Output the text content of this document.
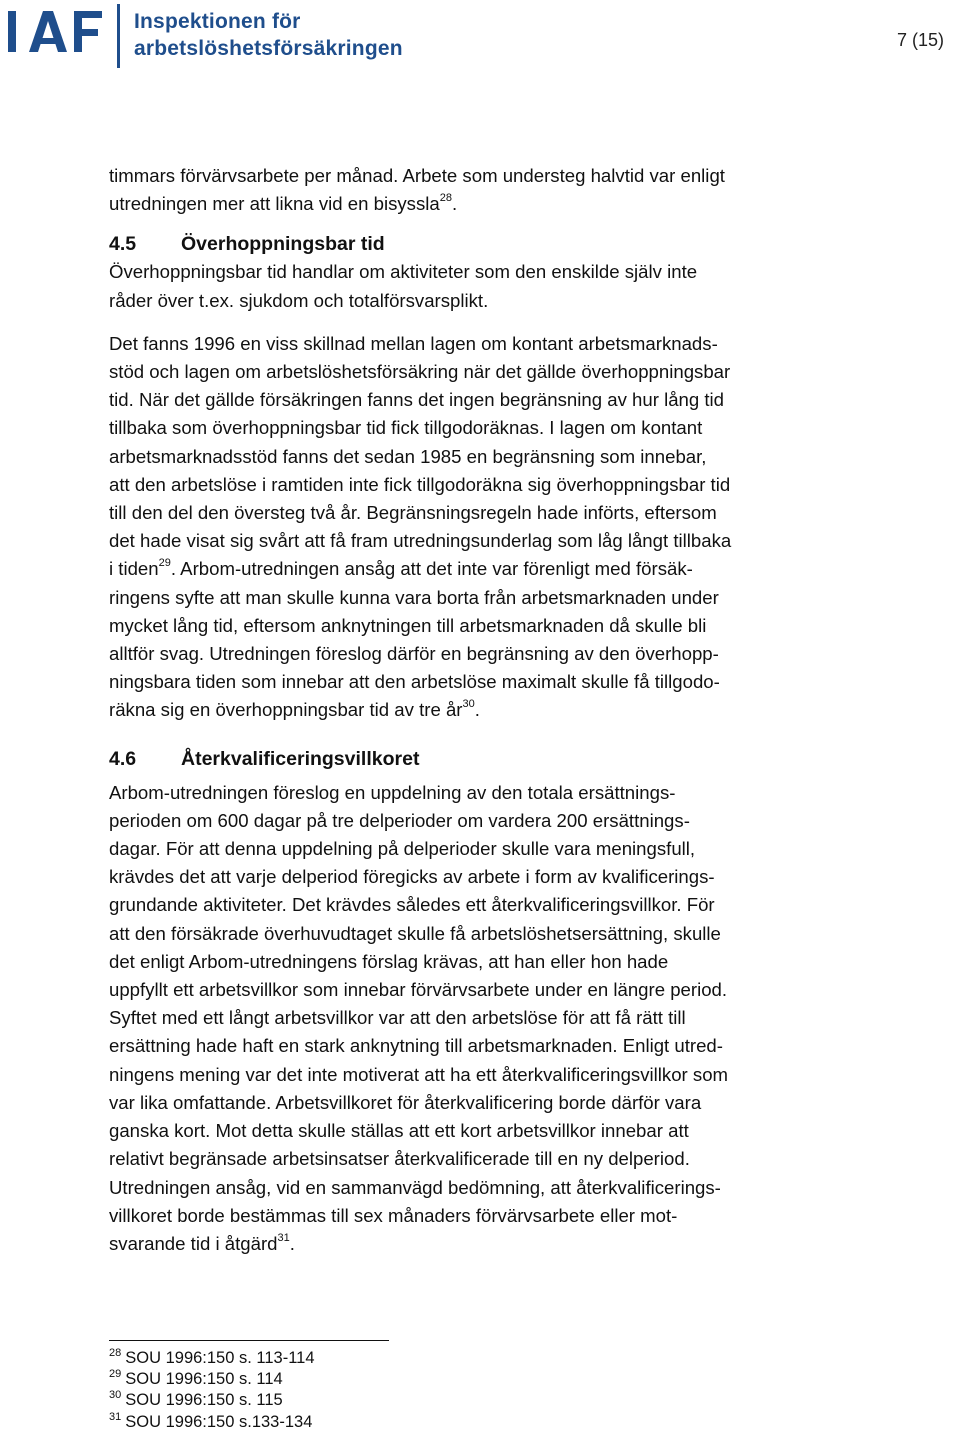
Inspektionen för
arbetslöshetsförsäkringen	7 (15)

timmars förvärvsarbete per månad. Arbete som understeg halvtid var enligt
utredningen mer att likna vid en bisyssla$^{28}$.

4.5	Överhoppningsbar tid

Överhoppningsbar tid handlar om aktiviteter som den enskilde själv inte
råder över t.ex. sjukdom och totalförsvarsplikt.

Det fanns 1996 en viss skillnad mellan lagen om kontant arbetsmarknads-
stöd och lagen om arbetslöshetsförsäkring när det gällde överhoppningsbar
tid. När det gällde försäkringen fanns det ingen begränsning av hur lång tid
tillbaka som överhoppningsbar tid fick tillgodoräknas. I lagen om kontant
arbetsmarknadsstöd fanns det sedan 1985 en begränsning som innebar,
att den arbetslöse i ramtiden inte fick tillgodoräkna sig överhoppningsbar tid
till den del den översteg två år. Begränsningsregeln hade införts, eftersom
det hade visat sig svårt att få fram utredningsunderlag som låg långt tillbaka
i tiden$^{29}$. Arbom-utredningen ansåg att det inte var förenligt med försäk-
ringens syfte att man skulle kunna vara borta från arbetsmarknaden under
mycket lång tid, eftersom anknytningen till arbetsmarknaden då skulle bli
alltför svag. Utredningen föreslog därför en begränsning av den överhopp-
ningsbara tiden som innebar att den arbetslöse maximalt skulle få tillgodo-
räkna sig en överhoppningsbar tid av tre $år^{30}$.

4.6	Återkvalificeringsvillkoret

Arbom-utredningen föreslog en uppdelning av den totala ersättnings-
perioden om 600 dagar på tre delperioder om vardera 200 ersättnings-
dagar. För att denna uppdelning på delperioder skulle vara meningsfull,
krävdes det att varje delperiod föregicks av arbete i form av kvalificerings-
grundande aktiviteter. Det krävdes således ett återkvalificeringsvillkor. För
att den försäkrade överhuvudtaget skulle få arbetslöshetsersättning, skulle
det enligt Arbom-utredningens förslag krävas, att han eller hon hade
uppfyllt ett arbetsvillkor som innebar förvärvsarbete under en längre period.
Syftet med ett långt arbetsvillkor var att den arbetslöse för att få rätt till
ersättning hade haft en stark anknytning till arbetsmarknaden. Enligt utred-
ningens mening var det inte motiverat att ha ett återkvalificeringsvillkor som
var lika omfattande. Arbetsvillkoret för återkvalificering borde därför vara
ganska kort. Mot detta skulle ställas att ett kort arbetsvillkor innebar att
relativt begränsade arbetsinsatser återkvalificerade till en ny delperiod.
Utredningen ansåg, vid en sammanvägd bedömning, att återkvalificerings-
villkoret borde bestämmas till sex månaders förvärvsarbete eller mot-
svarande tid i åtgärd$^{31}$.

$^{28}$ SOU 1996:150 s. 113-114
$^{29}$ SOU 1996:150 s. 114
$^{30}$ SOU 1996:150 s. 115
$^{31}$ SOU 1996:150 s.133-134
